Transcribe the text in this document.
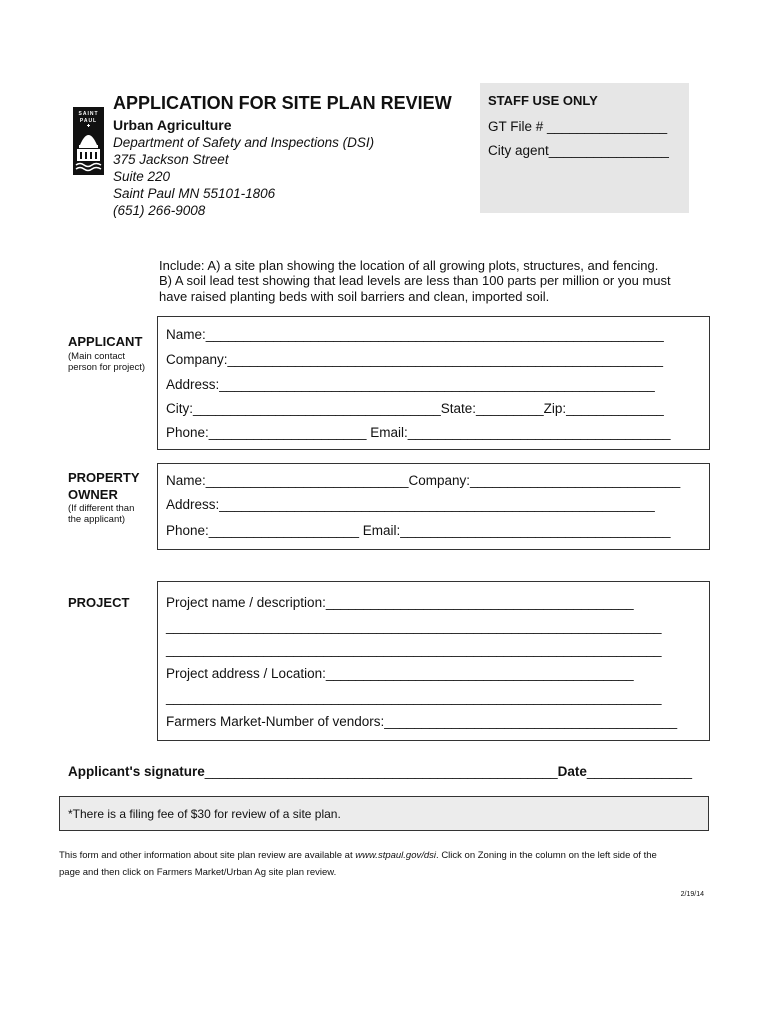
SAINT
PAUL
APPLICATION FOR SITE PLAN REVIEW
Urban Agriculture
Department of Safety and Inspections (DSI)
375 Jackson Street
Suite 220
Saint Paul MN 55101-1806
(651) 266-9008
STAFF USE ONLY
GT File # ________________
City agent________________
Include: A) a site plan showing the location of all growing plots, structures, and fencing.
B) A soil lead test showing that lead levels are less than 100 parts per million or you must
have raised planting beds with soil barriers and clean, imported soil.
APPLICANT
(Main contact
person for project)
Name:_____________________________________________________________
Company:__________________________________________________________
Address:__________________________________________________________
City:_________________________________State:_________Zip:_____________
Phone:_____________________ Email:___________________________________
PROPERTY
OWNER
(If different than
the applicant)
Name:___________________________Company:____________________________
Address:__________________________________________________________
Phone:____________________ Email:____________________________________
PROJECT	Project name / description:_________________________________________
__________________________________________________________________
__________________________________________________________________
Project address / Location:_________________________________________
__________________________________________________________________
Farmers Market-Number of vendors:_______________________________________
Applicant's signature_______________________________________________Date______________
*There is a filing fee of $30 for review of a site plan.
This form and other information about site plan review are available at www.stpaul.gov/dsi. Click on Zoning in the column on the left side of the
page and then click on Farmers Market/Urban Ag site plan review.
2/19/14
